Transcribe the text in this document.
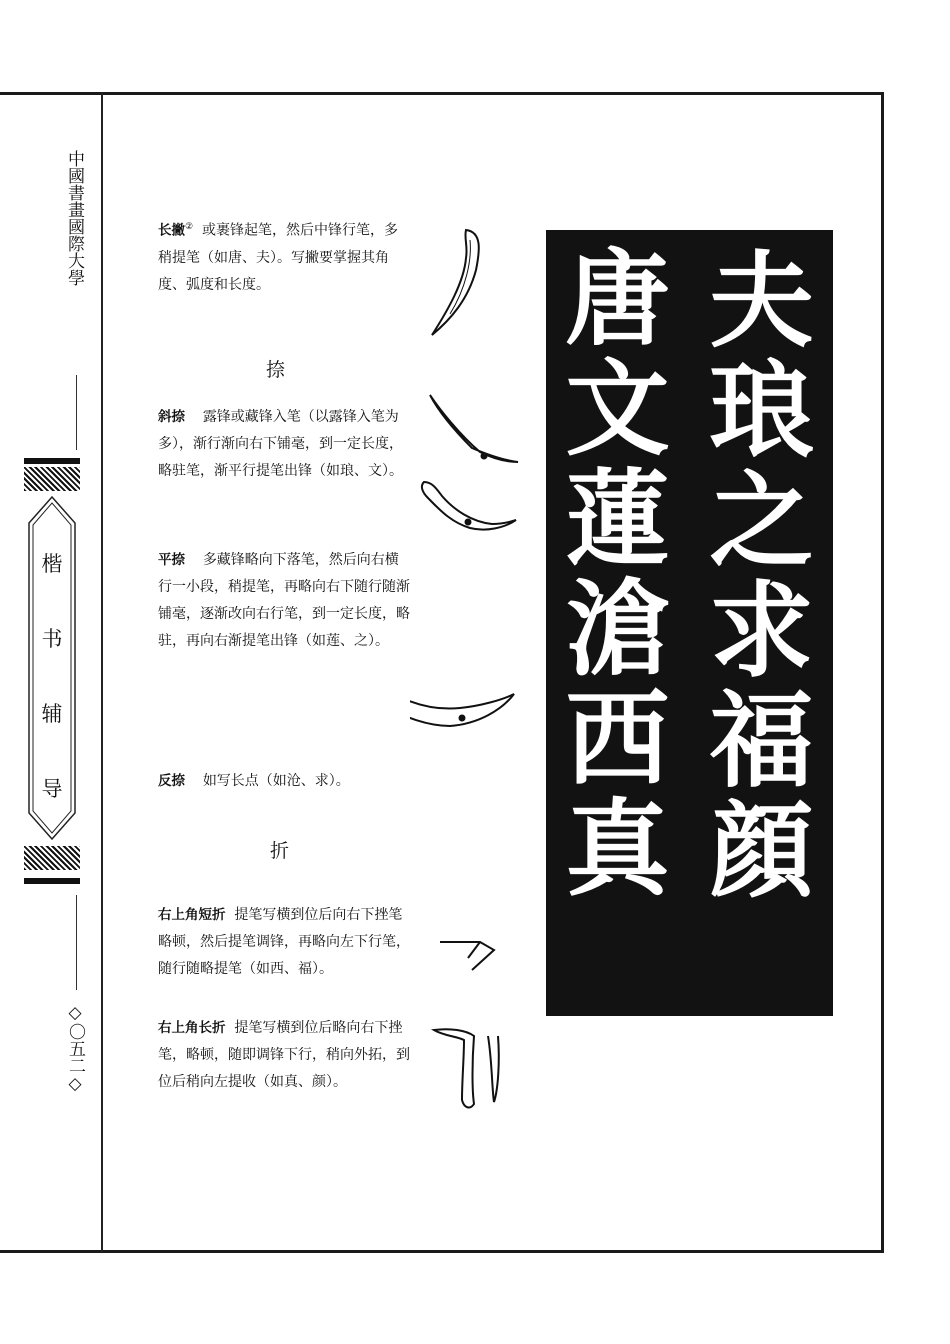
中國書畫國際大學
楷
书
辅
导
◇〇五二◇
长撇② 或裹锋起笔，然后中锋行笔，多稍提笔（如唐、夫）。写撇要掌握其角度、弧度和长度。
捺
斜捺 露锋或藏锋入笔（以露锋入笔为多），渐行渐向右下铺毫，到一定长度，略驻笔，渐平行提笔出锋（如琅、文）。
平捺 多藏锋略向下落笔，然后向右横行一小段，稍提笔，再略向右下随行随渐铺毫，逐渐改向右行笔，到一定长度，略驻，再向右渐提笔出锋（如莲、之）。
反捺 如写长点（如沧、求）。
折
右上角短折 提笔写横到位后向右下挫笔略顿，然后提笔调锋，再略向左下行笔，随行随略提笔（如西、福）。
右上角长折 提笔写横到位后略向右下挫笔，略顿，随即调锋下行，稍向外拓，到位后稍向左提收（如真、颜）。
夫
琅
之
求
福
顔
唐
文
蓮
滄
西
真
